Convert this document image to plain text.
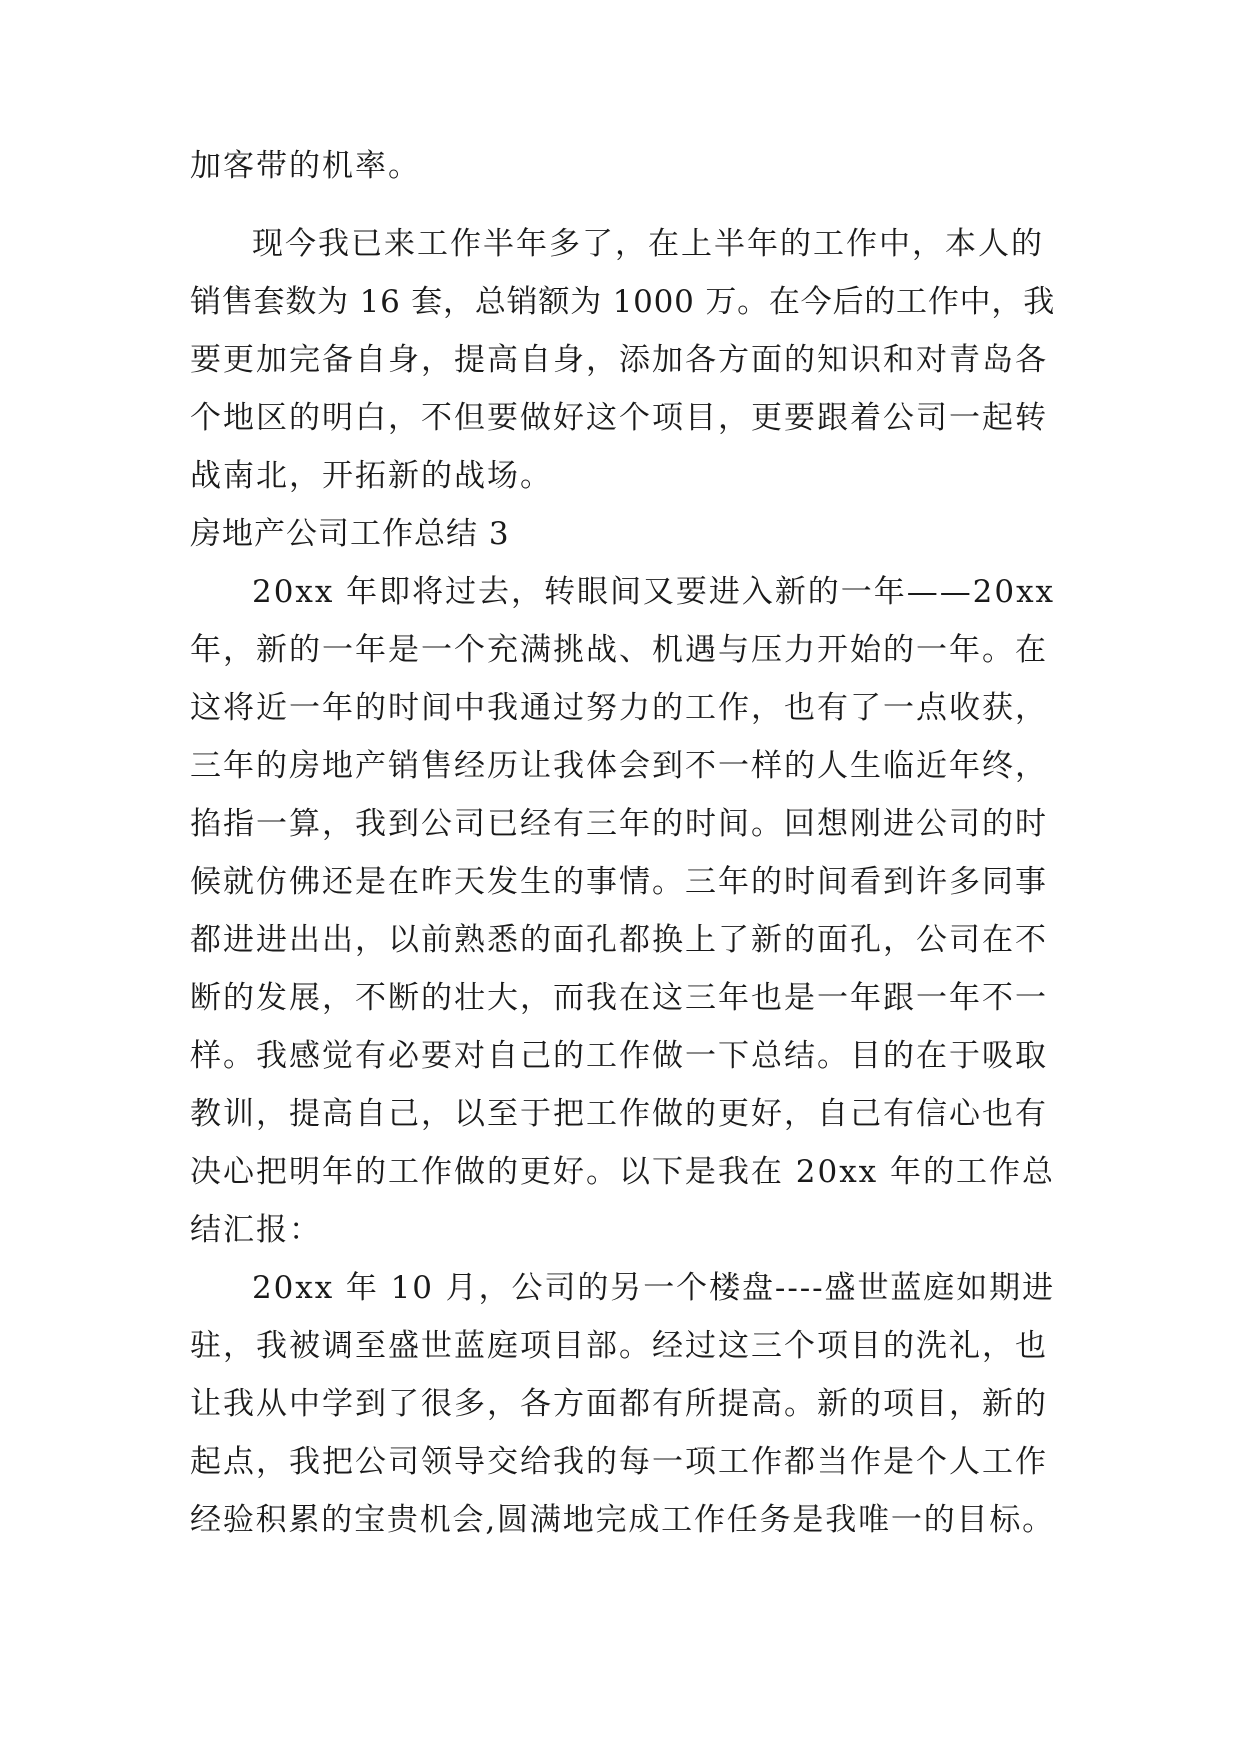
加客带的机率。
现今我已来工作半年多了，在上半年的工作中，本人的
销售套数为 16 套，总销额为 1000 万。在今后的工作中，我
要更加完备自身，提高自身，添加各方面的知识和对青岛各
个地区的明白，不但要做好这个项目，更要跟着公司一起转
战南北，开拓新的战场。
房地产公司工作总结 3
20xx 年即将过去，转眼间又要进入新的一年——20xx
年，新的一年是一个充满挑战、机遇与压力开始的一年。在
这将近一年的时间中我通过努力的工作，也有了一点收获，
三年的房地产销售经历让我体会到不一样的人生临近年终，
掐指一算，我到公司已经有三年的时间。回想刚进公司的时
候就仿佛还是在昨天发生的事情。三年的时间看到许多同事
都进进出出，以前熟悉的面孔都换上了新的面孔，公司在不
断的发展，不断的壮大，而我在这三年也是一年跟一年不一
样。我感觉有必要对自己的工作做一下总结。目的在于吸取
教训，提高自己，以至于把工作做的更好，自己有信心也有
决心把明年的工作做的更好。以下是我在 20xx 年的工作总
结汇报：
20xx 年 10 月，公司的另一个楼盘----盛世蓝庭如期进
驻，我被调至盛世蓝庭项目部。经过这三个项目的洗礼，也
让我从中学到了很多，各方面都有所提高。新的项目，新的
起点，我把公司领导交给我的每一项工作都当作是个人工作
经验积累的宝贵机会,圆满地完成工作任务是我唯一的目标。
